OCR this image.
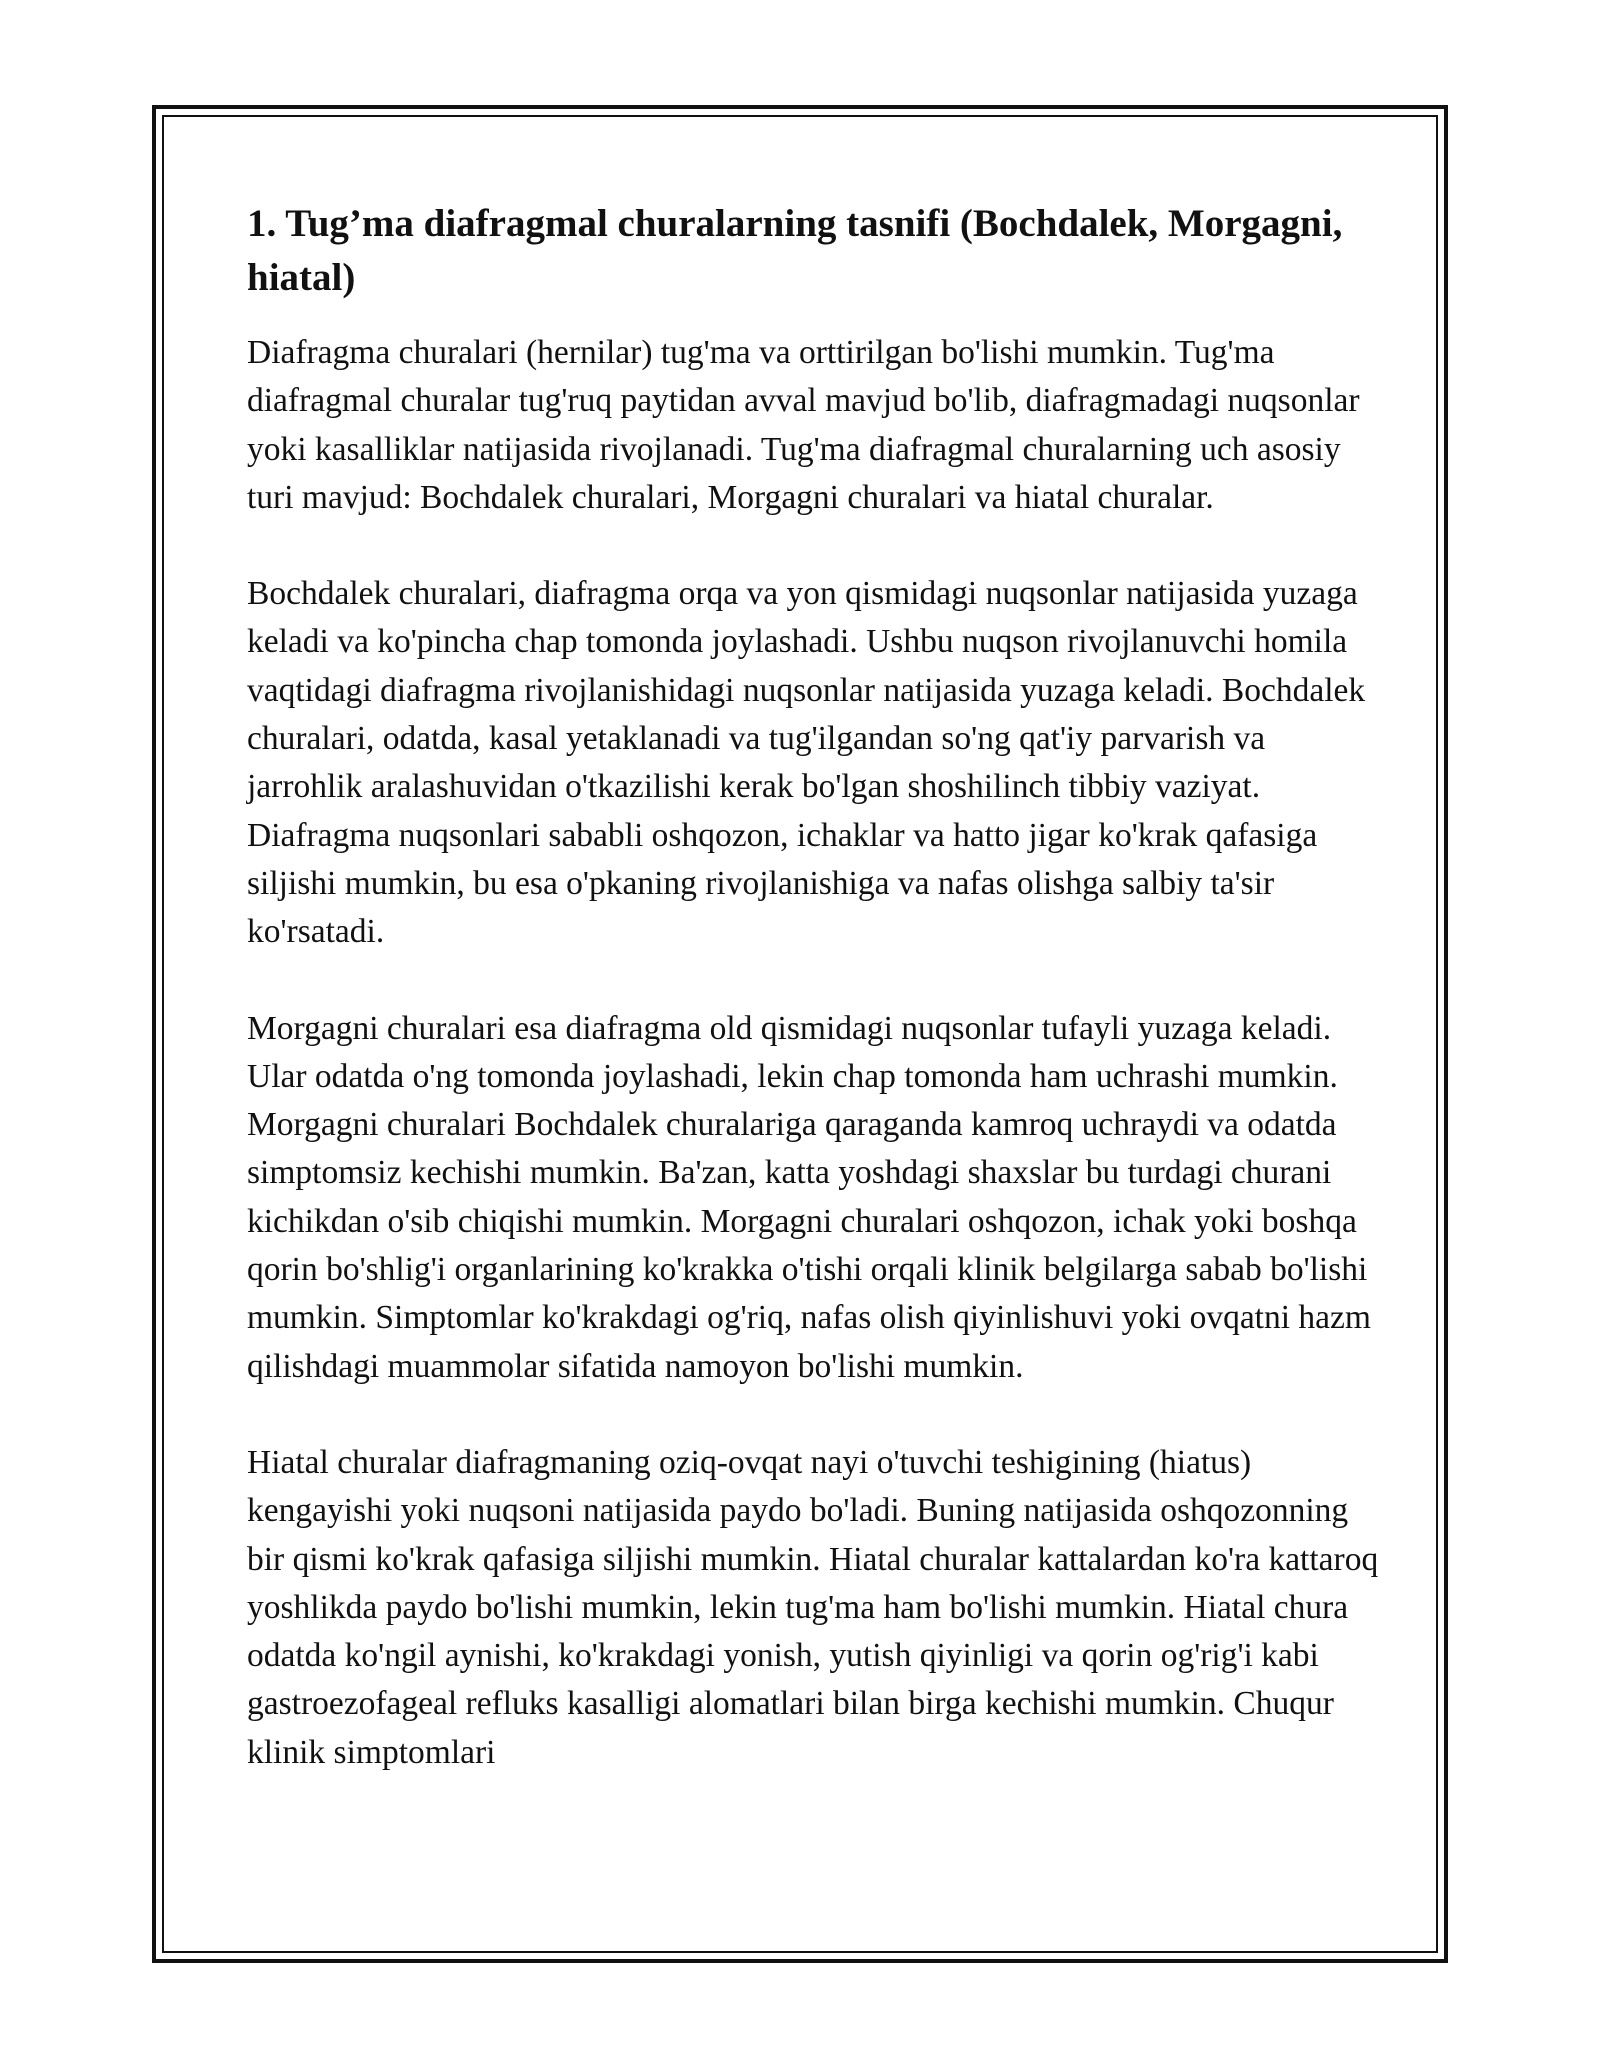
1. Tug’ma diafragmal churalarning tasnifi (Bochdalek, Morgagni, hiatal)

Diafragma churalari (hernilar) tug'ma va orttirilgan bo'lishi mumkin. Tug'ma diafragmal churalar tug'ruq paytidan avval mavjud bo'lib, diafragmadagi nuqsonlar yoki kasalliklar natijasida rivojlanadi. Tug'ma diafragmal churalarning uch asosiy turi mavjud: Bochdalek churalari, Morgagni churalari va hiatal churalar.

Bochdalek churalari, diafragma orqa va yon qismidagi nuqsonlar natijasida yuzaga keladi va ko'pincha chap tomonda joylashadi. Ushbu nuqson rivojlanuvchi homila vaqtidagi diafragma rivojlanishidagi nuqsonlar natijasida yuzaga keladi. Bochdalek churalari, odatda, kasal yetaklanadi va tug'ilgandan so'ng qat'iy parvarish va jarrohlik aralashuvidan o'tkazilishi kerak bo'lgan shoshilinch tibbiy vaziyat. Diafragma nuqsonlari sababli oshqozon, ichaklar va hatto jigar ko'krak qafasiga siljishi mumkin, bu esa o'pkaning rivojlanishiga va nafas olishga salbiy ta'sir ko'rsatadi.

Morgagni churalari esa diafragma old qismidagi nuqsonlar tufayli yuzaga keladi. Ular odatda o'ng tomonda joylashadi, lekin chap tomonda ham uchrashi mumkin. Morgagni churalari Bochdalek churalariga qaraganda kamroq uchraydi va odatda simptomsiz kechishi mumkin. Ba'zan, katta yoshdagi shaxslar bu turdagi churani kichikdan o'sib chiqishi mumkin. Morgagni churalari oshqozon, ichak yoki boshqa qorin bo'shlig'i organlarining ko'krakka o'tishi orqali klinik belgilarga sabab bo'lishi mumkin. Simptomlar ko'krakdagi og'riq, nafas olish qiyinlishuvi yoki ovqatni hazm qilishdagi muammolar sifatida namoyon bo'lishi mumkin.

Hiatal churalar diafragmaning oziq-ovqat nayi o'tuvchi teshigining (hiatus) kengayishi yoki nuqsoni natijasida paydo bo'ladi. Buning natijasida oshqozonning bir qismi ko'krak qafasiga siljishi mumkin. Hiatal churalar kattalardan ko'ra kattaroq yoshlikda paydo bo'lishi mumkin, lekin tug'ma ham bo'lishi mumkin. Hiatal chura odatda ko'ngil aynishi, ko'krakdagi yonish, yutish qiyinligi va qorin og'rig'i kabi gastroezofageal refluks kasalligi alomatlari bilan birga kechishi mumkin. Chuqur klinik simptomlari
